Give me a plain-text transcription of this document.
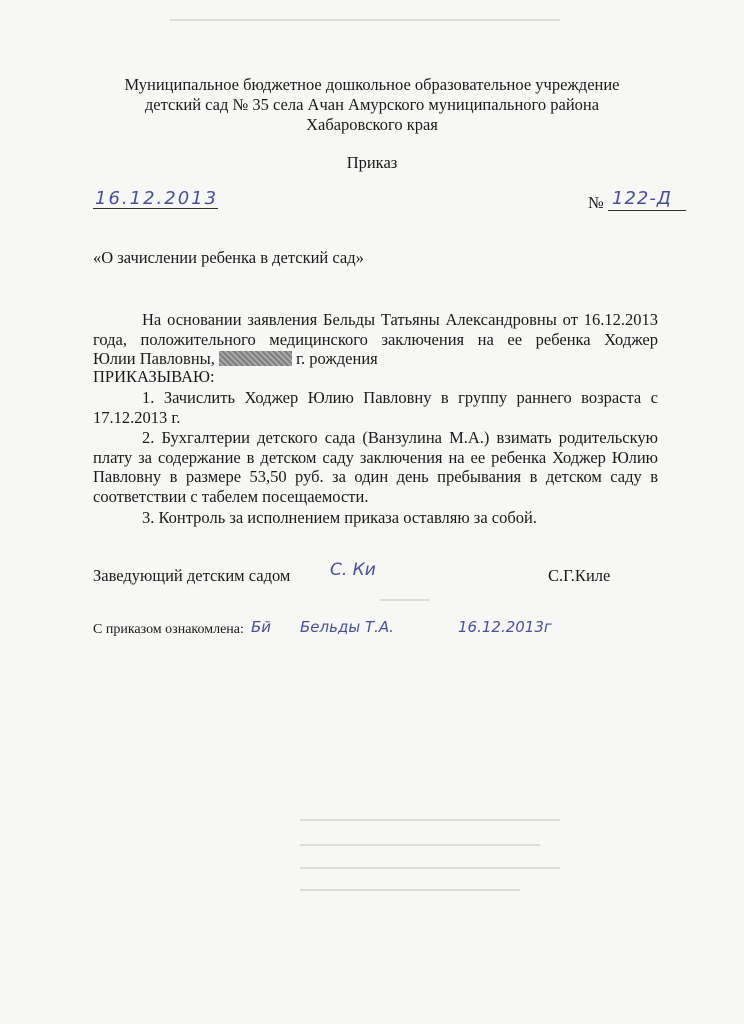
Муниципальное бюджетное дошкольное образовательное учреждение
детский сад № 35 села Ачан Амурского муниципального района
Хабаровского края
Приказ
16.12.2013	№ 122-Д
«О зачислении ребенка в детский сад»
На основании заявления Бельды Татьяны Александровны от 16.12.2013
года, положительного медицинского заключения на ее ребенка Ходжер
Юлии Павловны,	г. рождения
ПРИКАЗЫВАЮ:
1. Зачислить Ходжер Юлию Павловну в группу раннего возраста с
17.12.2013 г.
2. Бухгалтерии детского сада (Ванзулина М.А.) взимать родительскую
плату за содержание в детском саду заключения на ее ребенка Ходжер Юлию
Павловну в размере 53,50 руб. за один день пребывания в детском саду в
соответствии с табелем посещаемости.
3. Контроль за исполнением приказа оставляю за собой.
Заведующий детским садом С. Ки	С.Г.Киле
С приказом ознакомлена: Бй Бельды Т.А.	16.12.2013г
